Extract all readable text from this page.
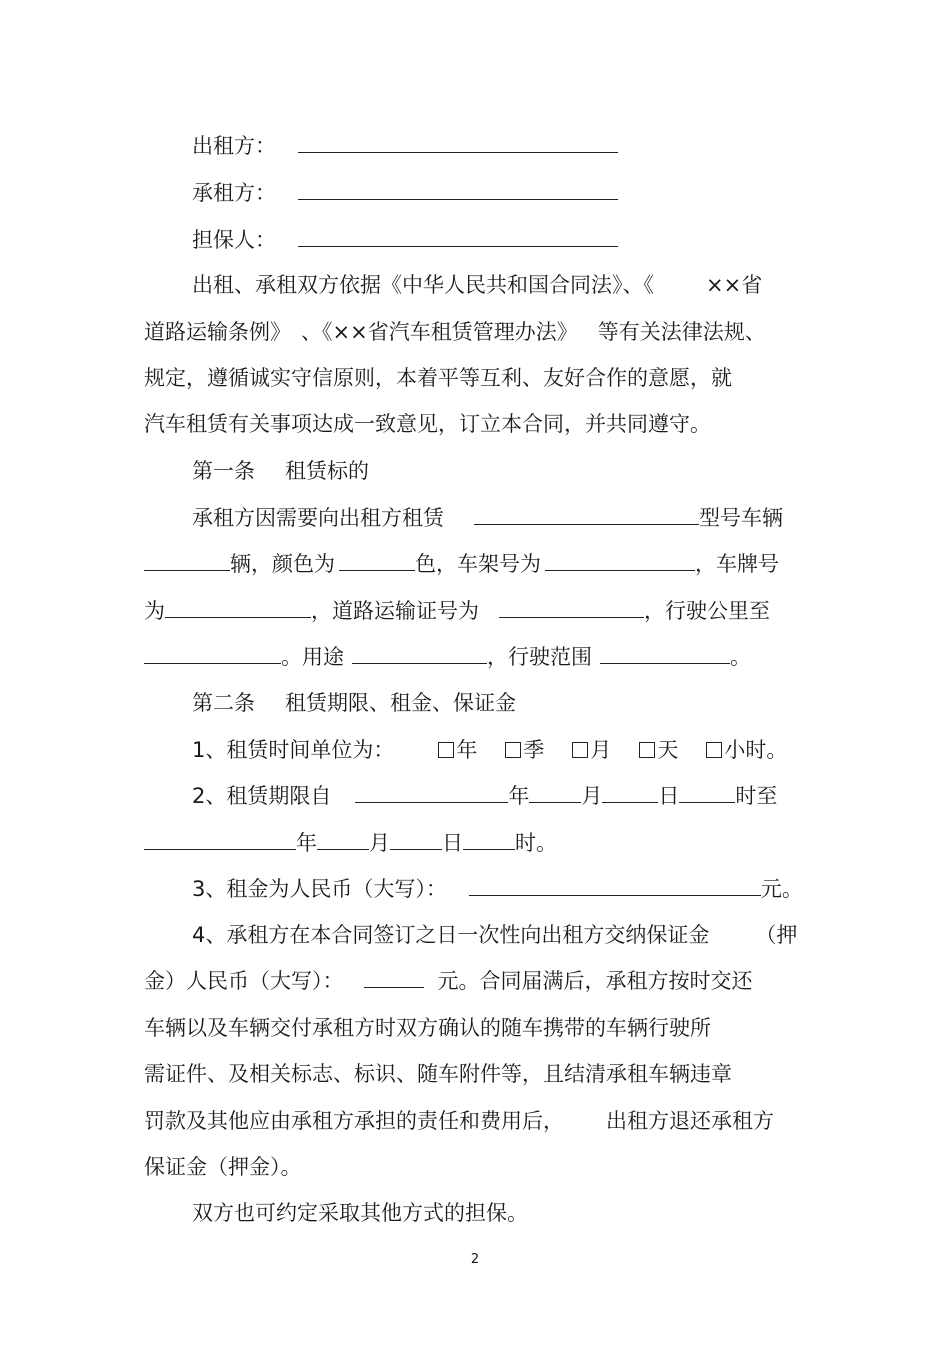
出租方：
承租方：
担保人：
出租、承租双方依据《中华人民共和国合同法》、《 ××省
道路运输条例》 、《××省汽车租赁管理办法》 等有关法律法规、
规定，遵循诚实守信原则，本着平等互利、友好合作的意愿，就
汽车租赁有关事项达成一致意见，订立本合同，并共同遵守。
第一条 租赁标的
承租方因需要向出租方租赁	型号车辆
辆，颜色为	色，车架号为	，车牌号
为	，道路运输证号为	，行驶公里至
。用途	，行驶范围	。
第二条 租赁期限、租金、保证金
1、租赁时间单位为：	年 季 月 天 小时。
2、租赁期限自	年 月	日	时至
年 月 日 时。
3、租金为人民币（大写）：	元。
4、承租方在本合同签订之日一次性向出租方交纳保证金 （押
金）人民币（大写）：	元。合同届满后，承租方按时交还
车辆以及车辆交付承租方时双方确认的随车携带的车辆行驶所
需证件、及相关标志、标识、随车附件等，且结清承租车辆违章
罚款及其他应由承租方承担的责任和费用后， 出租方退还承租方
保证金（押金）。
双方也可约定采取其他方式的担保。
2
